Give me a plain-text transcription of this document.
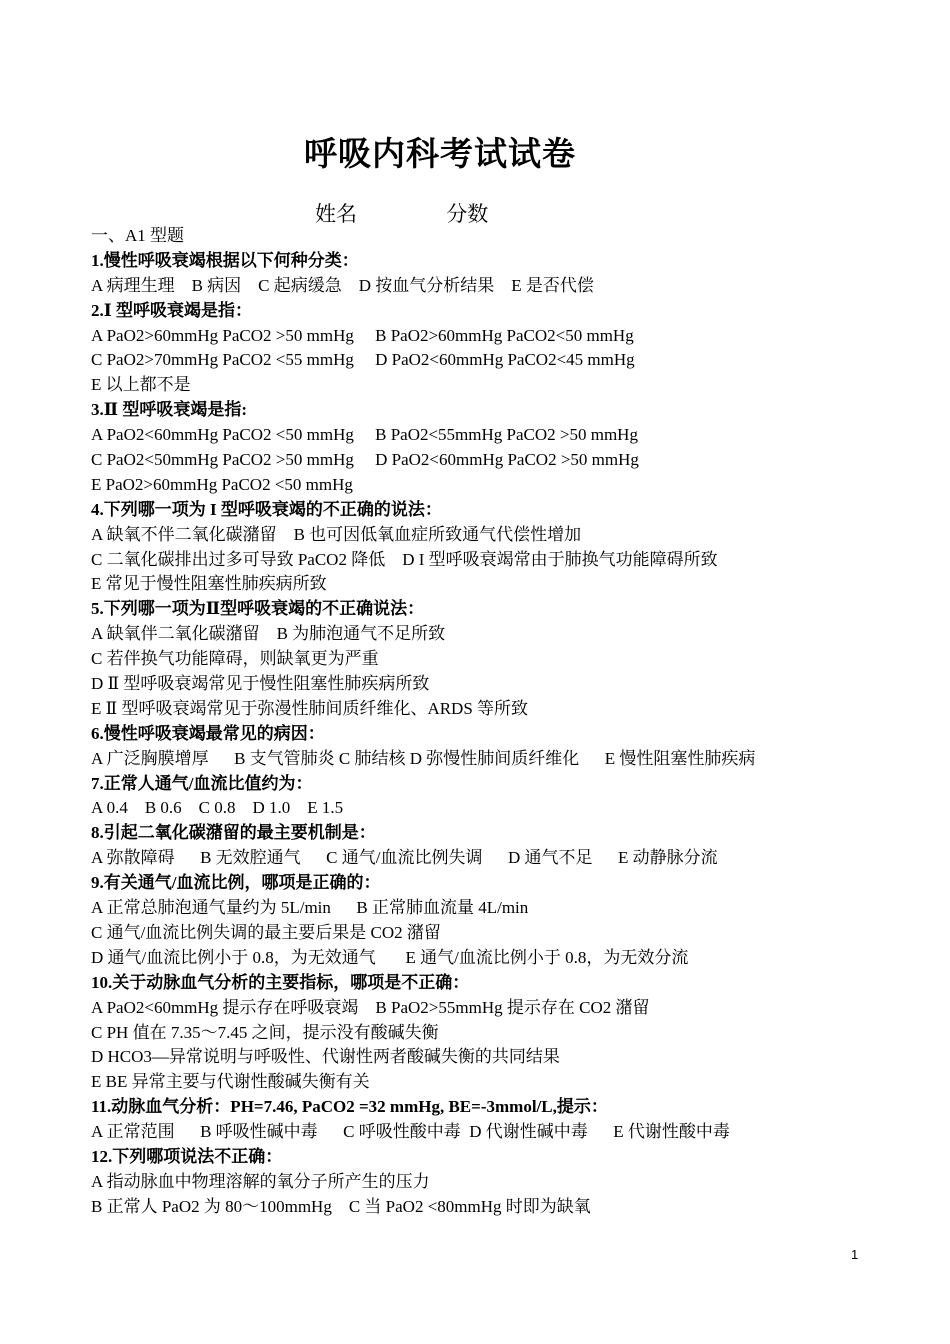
呼吸内科考试试卷
姓名	分数
一、A1 型题
1.慢性呼吸衰竭根据以下何种分类：
A 病理生理    B 病因    C 起病缓急    D 按血气分析结果    E 是否代偿
2.Ⅰ 型呼吸衰竭是指：
A PaO2>60mmHg PaCO2 >50 mmHg     B PaO2>60mmHg PaCO2<50 mmHg
C PaO2>70mmHg PaCO2 <55 mmHg     D PaO2<60mmHg PaCO2<45 mmHg
E 以上都不是
3.Ⅱ 型呼吸衰竭是指:
A PaO2<60mmHg PaCO2 <50 mmHg     B PaO2<55mmHg PaCO2 >50 mmHg
C PaO2<50mmHg PaCO2 >50 mmHg     D PaO2<60mmHg PaCO2 >50 mmHg
E PaO2>60mmHg PaCO2 <50 mmHg
4.下列哪一项为 I 型呼吸衰竭的不正确的说法：
A 缺氧不伴二氧化碳潴留    B 也可因低氧血症所致通气代偿性增加
C 二氧化碳排出过多可导致 PaCO2 降低    D I 型呼吸衰竭常由于肺换气功能障碍所致
E 常见于慢性阻塞性肺疾病所致
5.下列哪一项为Ⅱ型呼吸衰竭的不正确说法：
A 缺氧伴二氧化碳潴留    B 为肺泡通气不足所致
C 若伴换气功能障碍，则缺氧更为严重
D Ⅱ 型呼吸衰竭常见于慢性阻塞性肺疾病所致
E Ⅱ 型呼吸衰竭常见于弥漫性肺间质纤维化、ARDS 等所致
6.慢性呼吸衰竭最常见的病因：
A 广泛胸膜增厚      B 支气管肺炎 C 肺结核 D 弥慢性肺间质纤维化      E 慢性阻塞性肺疾病
7.正常人通气/血流比值约为：
A 0.4    B 0.6    C 0.8    D 1.0    E 1.5
8.引起二氧化碳潴留的最主要机制是：
A 弥散障碍      B 无效腔通气      C 通气/血流比例失调      D 通气不足      E 动静脉分流
9.有关通气/血流比例，哪项是正确的：
A 正常总肺泡通气量约为 5L/min      B 正常肺血流量 4L/min
C 通气/血流比例失调的最主要后果是 CO2 潴留
D 通气/血流比例小于 0.8，为无效通气       E 通气/血流比例小于 0.8，为无效分流
10.关于动脉血气分析的主要指标，哪项是不正确：
A PaO2<60mmHg 提示存在呼吸衰竭    B PaO2>55mmHg 提示存在 CO2 潴留
C PH 值在 7.35～7.45 之间，提示没有酸碱失衡
D HCO3—异常说明与呼吸性、代谢性两者酸碱失衡的共同结果
E BE 异常主要与代谢性酸碱失衡有关
11.动脉血气分析：PH=7.46, PaCO2 =32 mmHg, BE=-3mmol/L,提示：
A 正常范围      B 呼吸性碱中毒      C 呼吸性酸中毒  D 代谢性碱中毒      E 代谢性酸中毒
12.下列哪项说法不正确：
A 指动脉血中物理溶解的氧分子所产生的压力
B 正常人 PaO2 为 80～100mmHg    C 当 PaO2 <80mmHg 时即为缺氧
1
